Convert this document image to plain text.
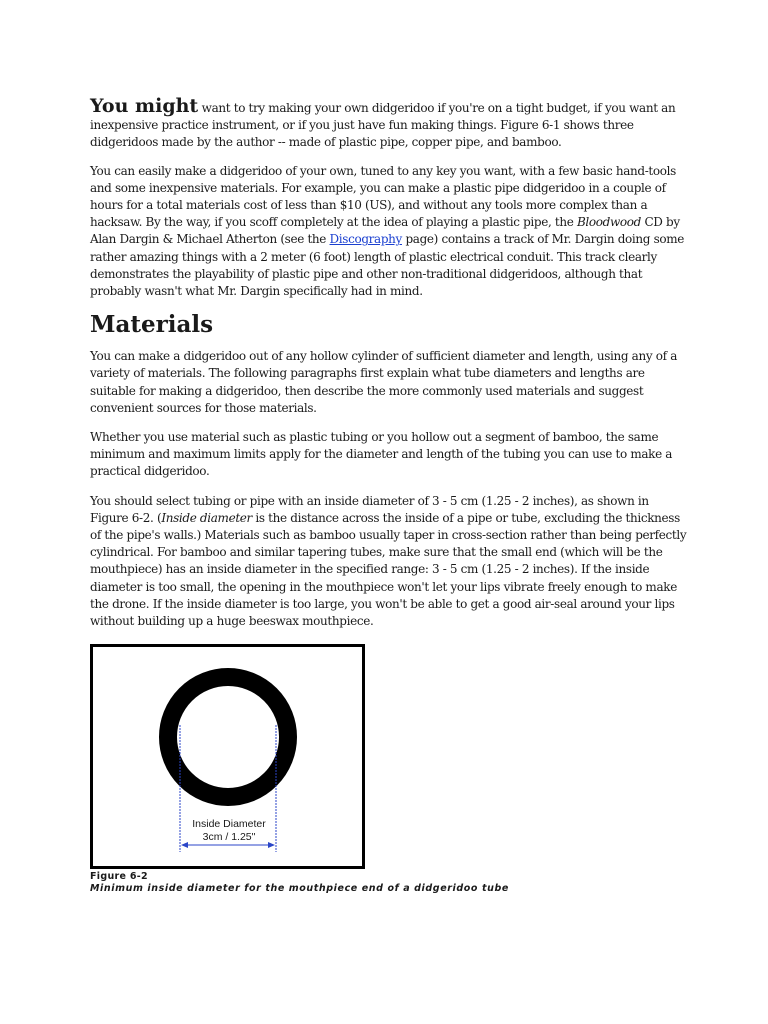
You might want to try making your own didgeridoo if you're on a tight budget, if you want an inexpensive practice instrument, or if you just have fun making things. Figure 6-1 shows three didgeridoos made by the author -- made of plastic pipe, copper pipe, and bamboo.

You can easily make a didgeridoo of your own, tuned to any key you want, with a few basic hand-tools and some inexpensive materials. For example, you can make a plastic pipe didgeridoo in a couple of hours for a total materials cost of less than $10 (US), and without any tools more complex than a hacksaw. By the way, if you scoff completely at the idea of playing a plastic pipe, the Bloodwood CD by Alan Dargin & Michael Atherton (see the Discography page) contains a track of Mr. Dargin doing some rather amazing things with a 2 meter (6 foot) length of plastic electrical conduit. This track clearly demonstrates the playability of plastic pipe and other non-traditional didgeridoos, although that probably wasn't what Mr. Dargin specifically had in mind.

Materials

You can make a didgeridoo out of any hollow cylinder of sufficient diameter and length, using any of a variety of materials. The following paragraphs first explain what tube diameters and lengths are suitable for making a didgeridoo, then describe the more commonly used materials and suggest convenient sources for those materials.

Whether you use material such as plastic tubing or you hollow out a segment of bamboo, the same minimum and maximum limits apply for the diameter and length of the tubing you can use to make a practical didgeridoo.

You should select tubing or pipe with an inside diameter of 3 - 5 cm (1.25 - 2 inches), as shown in Figure 6-2. (Inside diameter is the distance across the inside of a pipe or tube, excluding the thickness of the pipe's walls.) Materials such as bamboo usually taper in cross-section rather than being perfectly cylindrical. For bamboo and similar tapering tubes, make sure that the small end (which will be the mouthpiece) has an inside diameter in the specified range: 3 - 5 cm (1.25 - 2 inches). If the inside diameter is too small, the opening in the mouthpiece won't let your lips vibrate freely enough to make the drone. If the inside diameter is too large, you won't be able to get a good air-seal around your lips without building up a huge beeswax mouthpiece.

Inside Diameter
3cm / 1.25"
Figure 6-2
Minimum inside diameter for the mouthpiece end of a didgeridoo tube
